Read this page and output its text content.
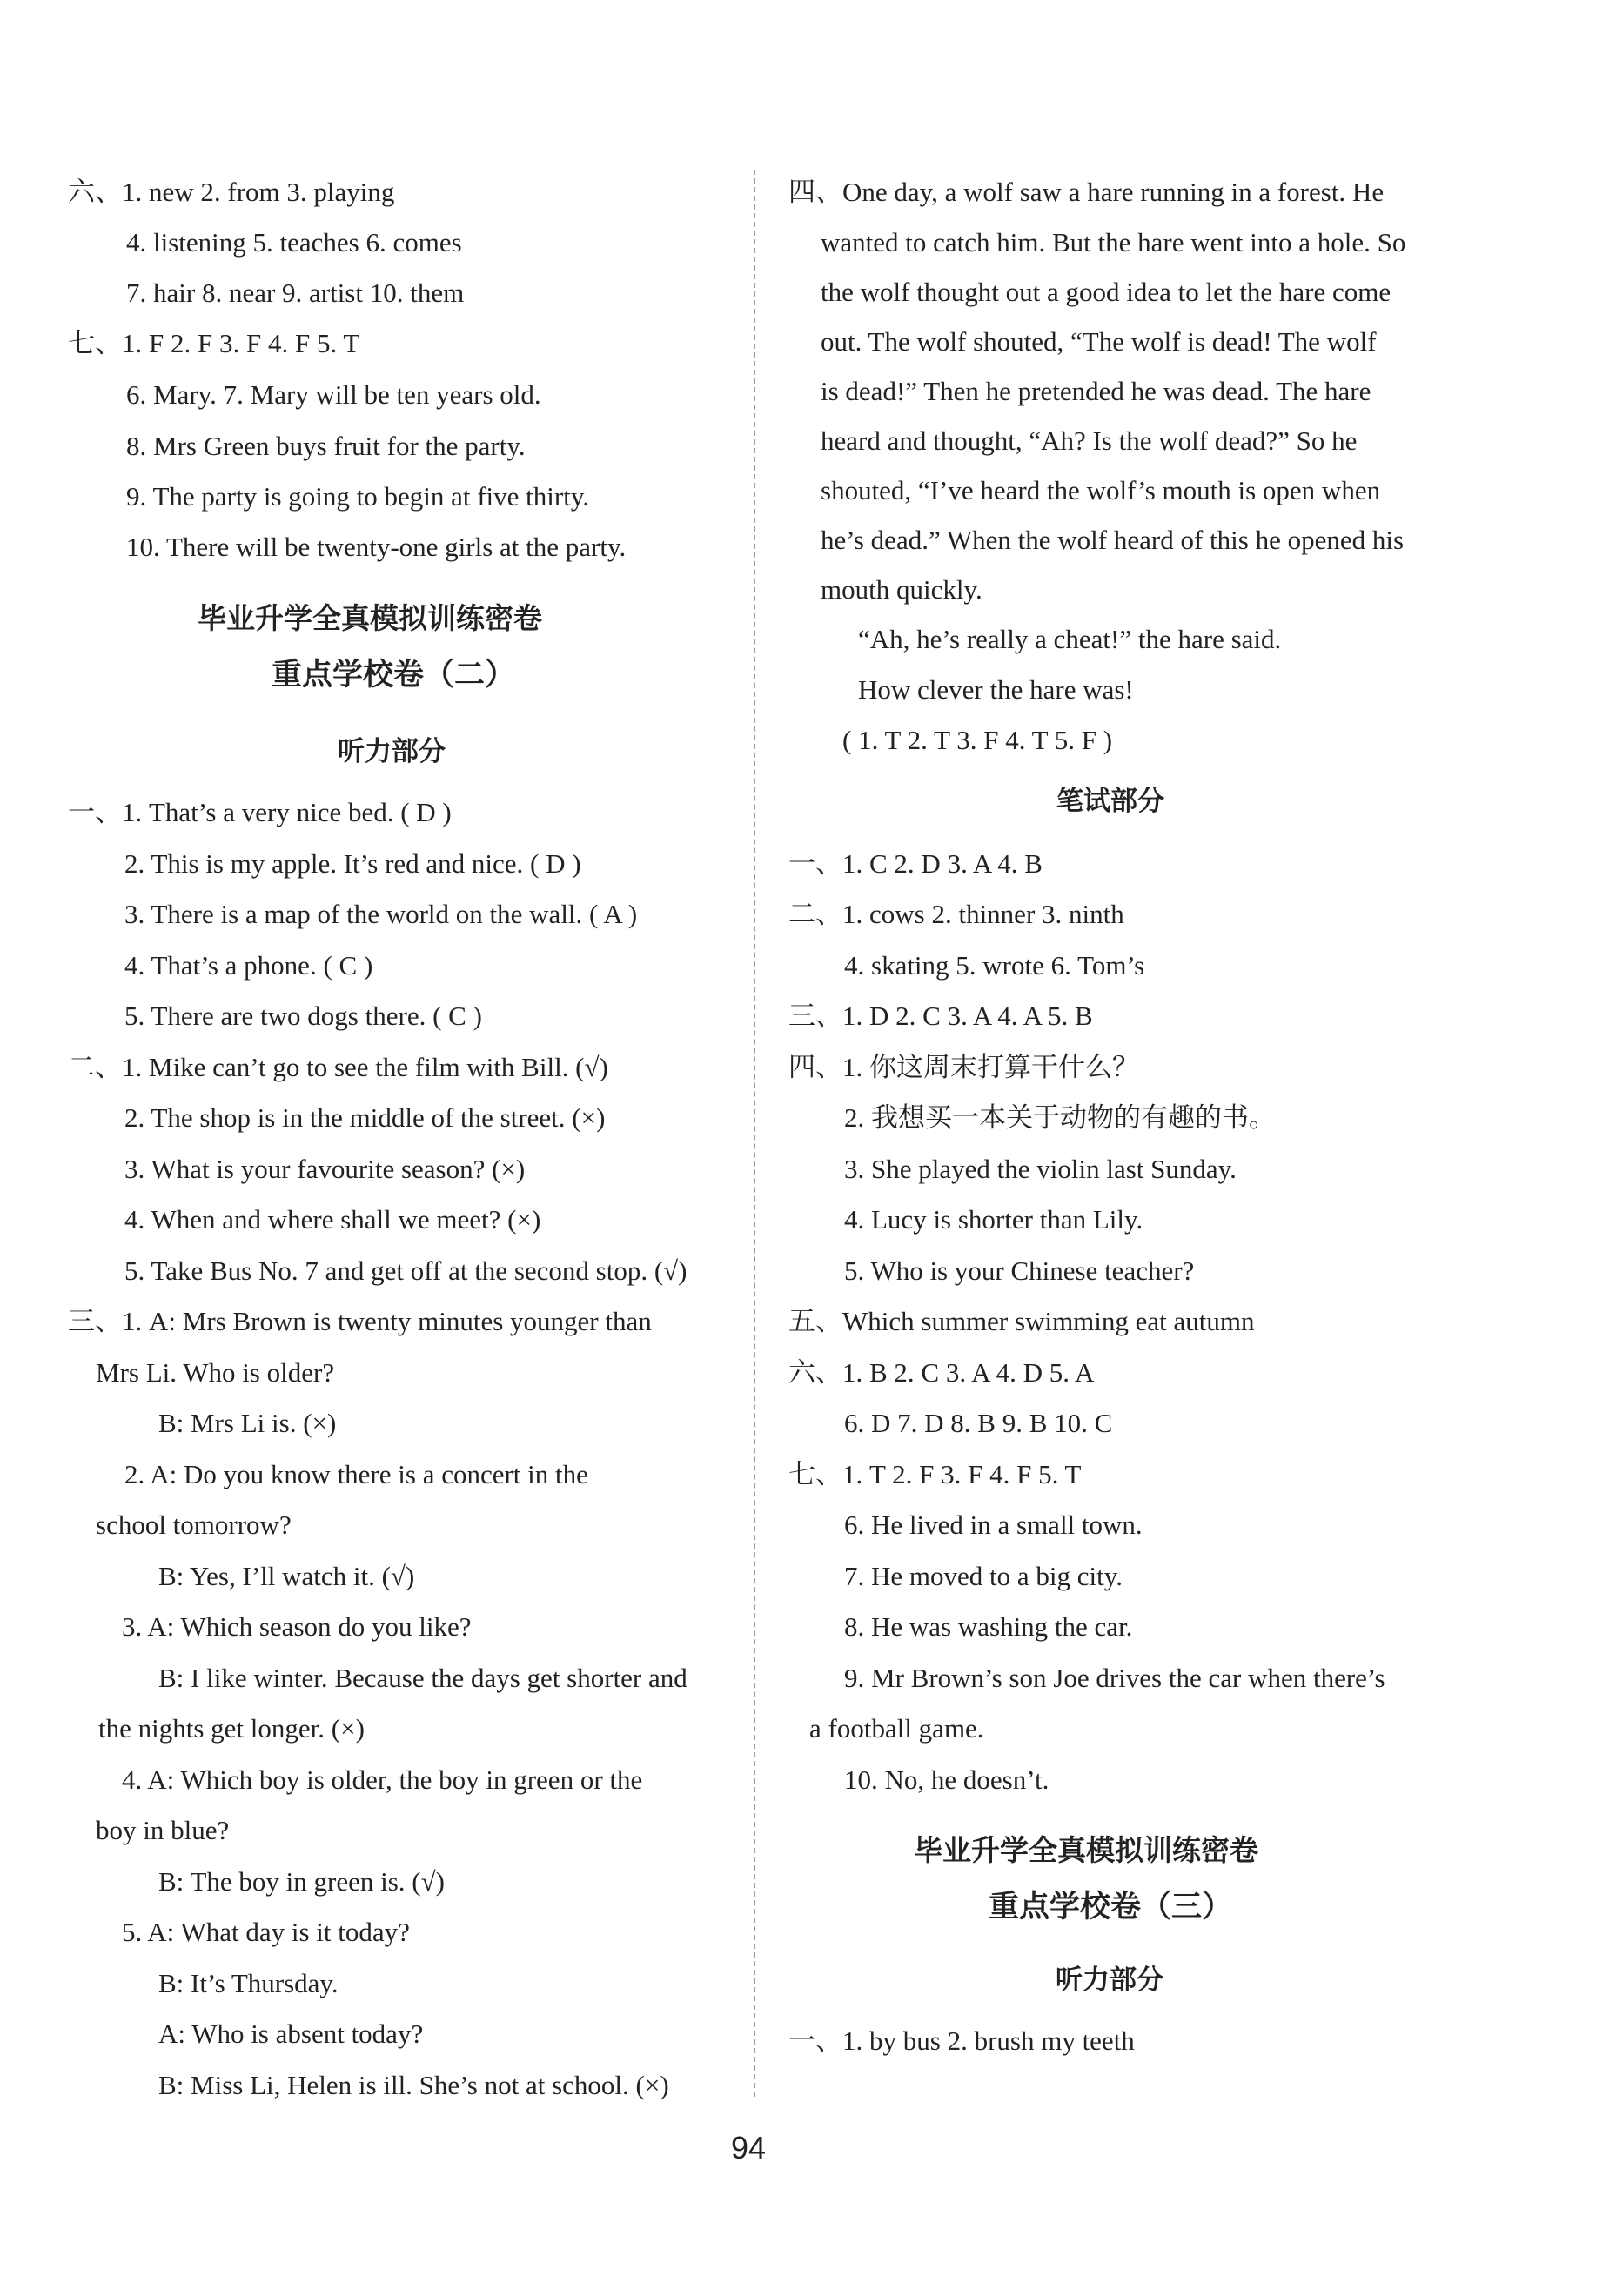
六、1. new 2. from 3. playing
4. listening 5. teaches 6. comes
7. hair 8. near 9. artist 10. them
七、1. F 2. F 3. F 4. F 5. T
6. Mary. 7. Mary will be ten years old.
8. Mrs Green buys fruit for the party.
9. The party is going to begin at five thirty.
10. There will be twenty-one girls at the party.
毕业升学全真模拟训练密卷
重点学校卷（二）
听力部分
一、1. That’s a very nice bed. ( D )
2. This is my apple. It’s red and nice. ( D )
3. There is a map of the world on the wall. ( A )
4. That’s a phone. ( C )
5. There are two dogs there. ( C )
二、1. Mike can’t go to see the film with Bill. (√)
2. The shop is in the middle of the street. (×)
3. What is your favourite season? (×)
4. When and where shall we meet? (×)
5. Take Bus No. 7 and get off at the second stop. (√)
三、1. A: Mrs Brown is twenty minutes younger than
Mrs Li. Who is older?
B: Mrs Li is. (×)
2. A: Do you know there is a concert in the
school tomorrow?
B: Yes, I’ll watch it. (√)
3. A: Which season do you like?
B: I like winter. Because the days get shorter and
the nights get longer. (×)
4. A: Which boy is older, the boy in green or the
boy in blue?
B: The boy in green is. (√)
5. A: What day is it today?
B: It’s Thursday.
A: Who is absent today?
B: Miss Li, Helen is ill. She’s not at school. (×)
四、One day, a wolf saw a hare running in a forest. He
wanted to catch him. But the hare went into a hole. So
the wolf thought out a good idea to let the hare come
out. The wolf shouted, “The wolf is dead! The wolf
is dead!” Then he pretended he was dead. The hare
heard and thought, “Ah? Is the wolf dead?” So he
shouted, “I’ve heard the wolf’s mouth is open when
he’s dead.” When the wolf heard of this he opened his
mouth quickly.
“Ah, he’s really a cheat!” the hare said.
How clever the hare was!
( 1. T 2. T 3. F 4. T 5. F )
笔试部分
一、1. C 2. D 3. A 4. B
二、1. cows 2. thinner 3. ninth
4. skating 5. wrote 6. Tom’s
三、1. D 2. C 3. A 4. A 5. B
四、1. 你这周末打算干什么？
2. 我想买一本关于动物的有趣的书。
3. She played the violin last Sunday.
4. Lucy is shorter than Lily.
5. Who is your Chinese teacher?
五、Which summer swimming eat autumn
六、1. B 2. C 3. A 4. D 5. A
6. D 7. D 8. B 9. B 10. C
七、1. T 2. F 3. F 4. F 5. T
6. He lived in a small town.
7. He moved to a big city.
8. He was washing the car.
9. Mr Brown’s son Joe drives the car when there’s
a football game.
10. No, he doesn’t.
毕业升学全真模拟训练密卷
重点学校卷（三）
听力部分
一、1. by bus 2. brush my teeth
94
